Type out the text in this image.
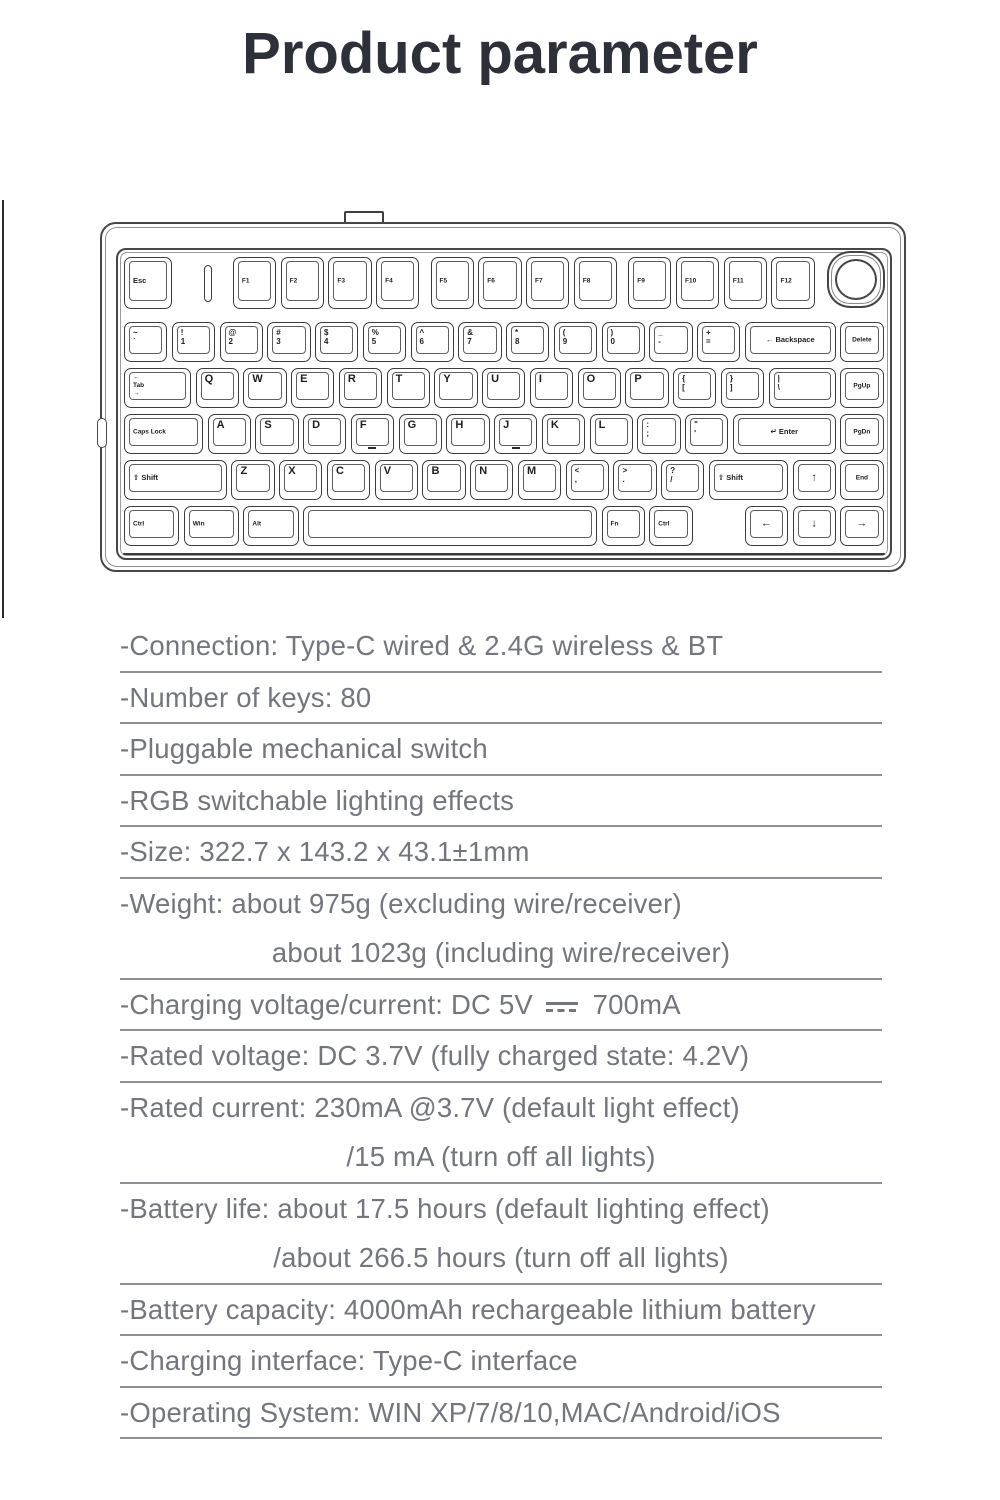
Product parameter
Esc	F1	F2	F3	F4	F5	F6	F7	F8	F9	F10	F11	F12
~
`
!
1
@
2
#
3
$
4
%
5
^
6
&
7
*
8
(
9
)
0
_
-
+
=	← Backspace	Delete
←
Tab
→
Q	W	E	R	T	Y	U	I	O	P	{
[
}
]
|
\	PgUp
Caps Lock
A	S	D	F	G	H	J	K	L	:
;
"
'	↵ Enter	PgDn
⇧ Shift
Z	X	C	V	B	N	M	<
,
>
.
?
/	⇧ Shift	↑	End
Ctrl	Win	Alt	Fn	Ctrl	←	↓	→
-Connection: Type-C wired & 2.4G wireless & BT
-Number of keys: 80
-Pluggable mechanical switch
-RGB switchable lighting effects
-Size: 322.7 x 143.2 x 43.1±1mm
-Weight: about 975g (excluding wire/receiver)
about 1023g (including wire/receiver)
-Charging voltage/current: DC 5V  700mA
-Rated voltage: DC 3.7V (fully charged state: 4.2V)
-Rated current: 230mA @3.7V (default light effect)
/15 mA (turn off all lights)
-Battery life: about 17.5 hours (default lighting effect)
/about 266.5 hours (turn off all lights)
-Battery capacity: 4000mAh rechargeable lithium battery
-Charging interface: Type-C interface
-Operating System: WIN XP/7/8/10,MAC/Android/iOS
